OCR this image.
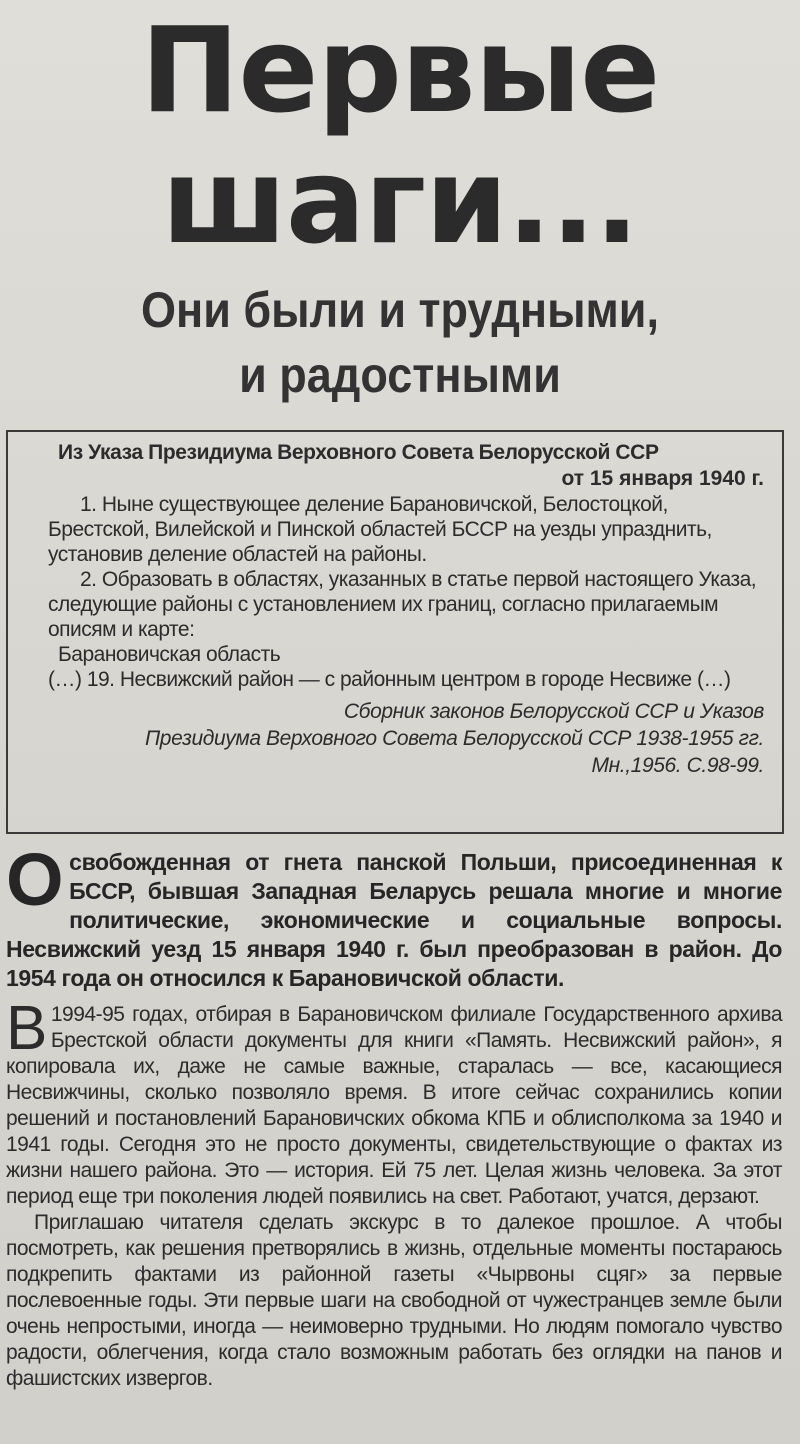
Первые
шаги...
Они были и трудными,
и радостными
Из Указа Президиума Верховного Совета Белорусской ССР
от 15 января 1940 г.

1. Ныне существующее деление Барановичской, Белостоцкой, Брестской, Вилейской и Пинской областей БССР на уезды упразднить, установив деление областей на районы.

2. Образовать в областях, указанных в статье первой настоящего Указа, следующие районы с установлением их границ, согласно прилагаемым описям и карте:

Барановичская область

(…) 19. Несвижский район — с районным центром в городе Несвиже (…)

Сборник законов Белорусской ССР и Указов
Президиума Верховного Совета Белорусской ССР 1938-1955 гг.
Мн.,1956. С.98-99.
Освобожденная от гнета панской Польши, присоединенная к БССР, бывшая Западная Беларусь решала многие и многие политические, экономические и социальные вопросы. Несвижский уезд 15 января 1940 г. был преобразован в район. До 1954 года он относился к Барановичской области.

В 1994-95 годах, отбирая в Барановичском филиале Государственного архива Брестской области документы для книги «Память. Несвижский район», я копировала их, даже не самые важные, старалась — все, касающиеся Несвижчины, сколько позволяло время. В итоге сейчас сохранились копии решений и постановлений Барановичских обкома КПБ и облисполкома за 1940 и 1941 годы. Сегодня это не просто документы, свидетельствующие о фактах из жизни нашего района. Это — история. Ей 75 лет. Целая жизнь человека. За этот период еще три поколения людей появились на свет. Работают, учатся, дерзают.

Приглашаю читателя сделать экскурс в то далекое прошлое. А чтобы посмотреть, как решения претворялись в жизнь, отдельные моменты постараюсь подкрепить фактами из районной газеты «Чырвоны сцяг» за первые послевоенные годы. Эти первые шаги на свободной от чужестранцев земле были очень непростыми, иногда — неимоверно трудными. Но людям помогало чувство радости, облегчения, когда стало возможным работать без оглядки на панов и фашистских извергов.
